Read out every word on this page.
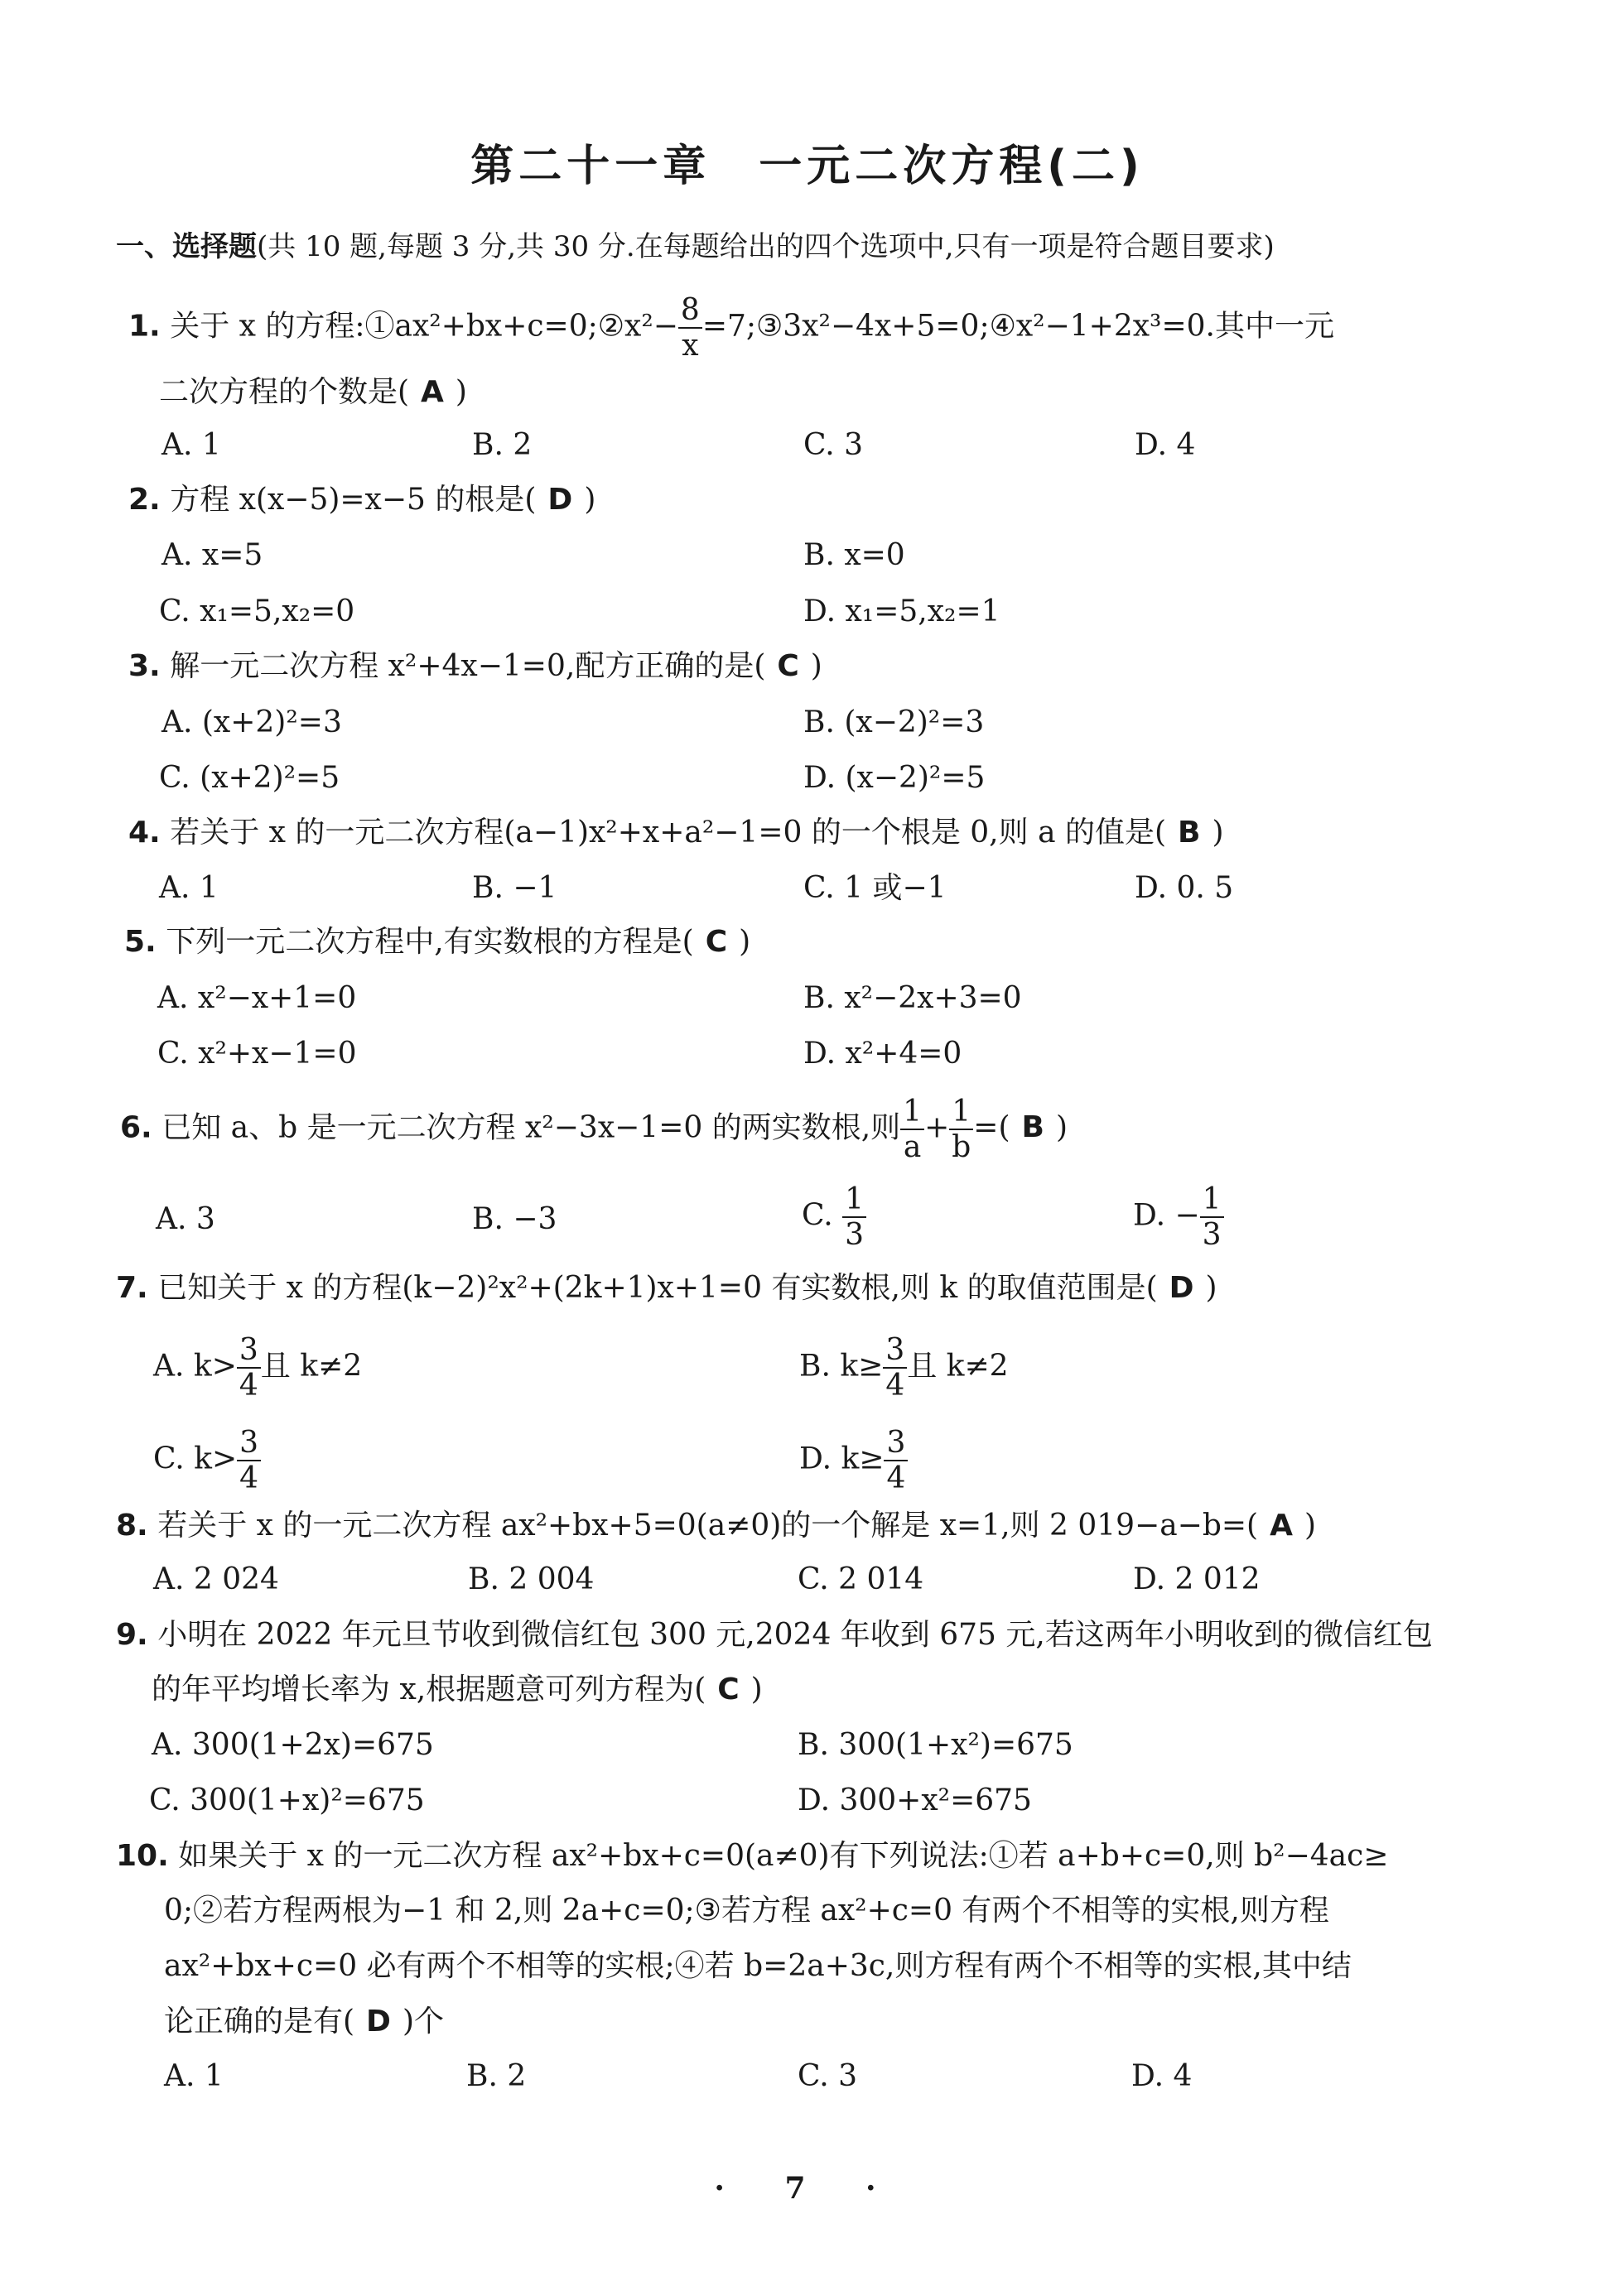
第二十一章　一元二次方程(二)
一、选择题(共 10 题,每题 3 分,共 30 分.在每题给出的四个选项中,只有一项是符合题目要求)
1. 关于 x 的方程:①ax²+bx+c=0;②x²− $\frac{8}{x}$ =7;③3x²−4x+5=0;④x²−1+2x³=0.其中一元
二次方程的个数是( A )
A. 1	B. 2	C. 3	D. 4
2. 方程 x(x−5)=x−5 的根是( D )
A. x=5	B. x=0
C. x₁=5,x₂=0	D. x₁=5,x₂=1
3. 解一元二次方程 x²+4x−1=0,配方正确的是( C )
A. (x+2)²=3	B. (x−2)²=3
C. (x+2)²=5	D. (x−2)²=5
4. 若关于 x 的一元二次方程(a−1)x²+x+a²−1=0 的一个根是 0,则 a 的值是( B )
A. 1	B. −1	C. 1 或−1	D. 0. 5
5. 下列一元二次方程中,有实数根的方程是( C )
A. x²−x+1=0	B. x²−2x+3=0
C. x²+x−1=0	D. x²+4=0
6. 已知 a、b 是一元二次方程 x²−3x−1=0 的两实数根,则 $\frac{1}{a} + \frac{1}{b}$ =( B )
A. 3	B. −3	C. $\frac{1}{3}$	D. − $\frac{1}{3}$
7. 已知关于 x 的方程(k−2)²x²+(2k+1)x+1=0 有实数根,则 k 的取值范围是( D )
A. $k> \frac{3}{4}$ 且 k≠2	B. $k\ge \frac{3}{4}$ 且 k≠2
C. $k> \frac{3}{4}$	D. $k\ge \frac{3}{4}$
8. 若关于 x 的一元二次方程 ax²+bx+5=0(a≠0)的一个解是 x=1,则 2 019−a−b=( A )
A. 2 024	B. 2 004	C. 2 014	D. 2 012
9. 小明在 2022 年元旦节收到微信红包 300 元,2024 年收到 675 元,若这两年小明收到的微信红包
的年平均增长率为 x,根据题意可列方程为( C )
A. 300(1+2x)=675	B. 300(1+x²)=675
C. 300(1+x)²=675	D. 300+x²=675
10. 如果关于 x 的一元二次方程 ax²+bx+c=0(a≠0)有下列说法:①若 a+b+c=0,则 b²−4ac≥
0;②若方程两根为−1 和 2,则 2a+c=0;③若方程 ax²+c=0 有两个不相等的实根,则方程
ax²+bx+c=0 必有两个不相等的实根;④若 b=2a+3c,则方程有两个不相等的实根,其中结
论正确的是有( D )个
A. 1	B. 2	C. 3	D. 4
· 7 ·
